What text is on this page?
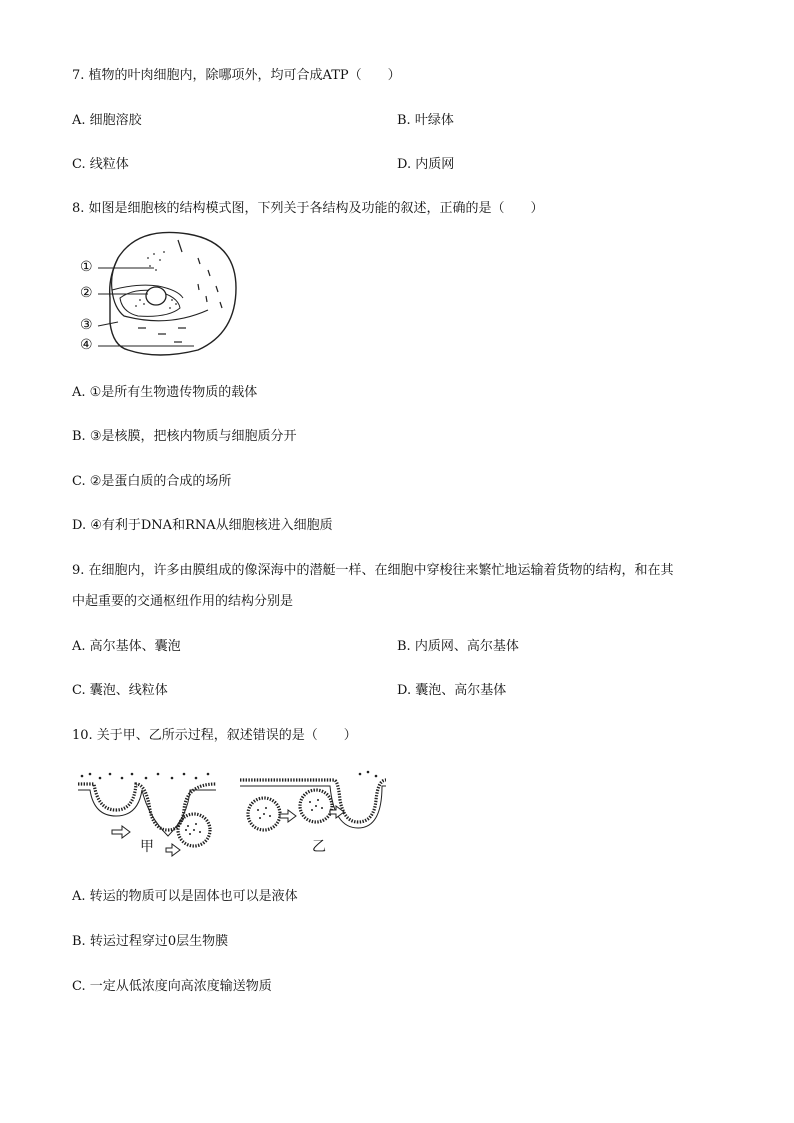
7. 植物的叶肉细胞内，除哪项外，均可合成ATP（　　）
A. 细胞溶胶	B. 叶绿体
C. 线粒体	D. 内质网
8. 如图是细胞核的结构模式图，下列关于各结构及功能的叙述，正确的是（　　）
①
②
③
④
A. ①是所有生物遗传物质的载体
B. ③是核膜，把核内物质与细胞质分开
C. ②是蛋白质的合成的场所
D. ④有利于DNA和RNA从细胞核进入细胞质
9. 在细胞内，许多由膜组成的像深海中的潜艇一样、在细胞中穿梭往来繁忙地运输着货物的结构，和在其
中起重要的交通枢纽作用的结构分别是
A. 高尔基体、囊泡	B. 内质网、高尔基体
C. 囊泡、线粒体	D. 囊泡、高尔基体
10. 关于甲、乙所示过程，叙述错误的是（　　）
甲	乙
A. 转运的物质可以是固体也可以是液体
B. 转运过程穿过0层生物膜
C. 一定从低浓度向高浓度输送物质
